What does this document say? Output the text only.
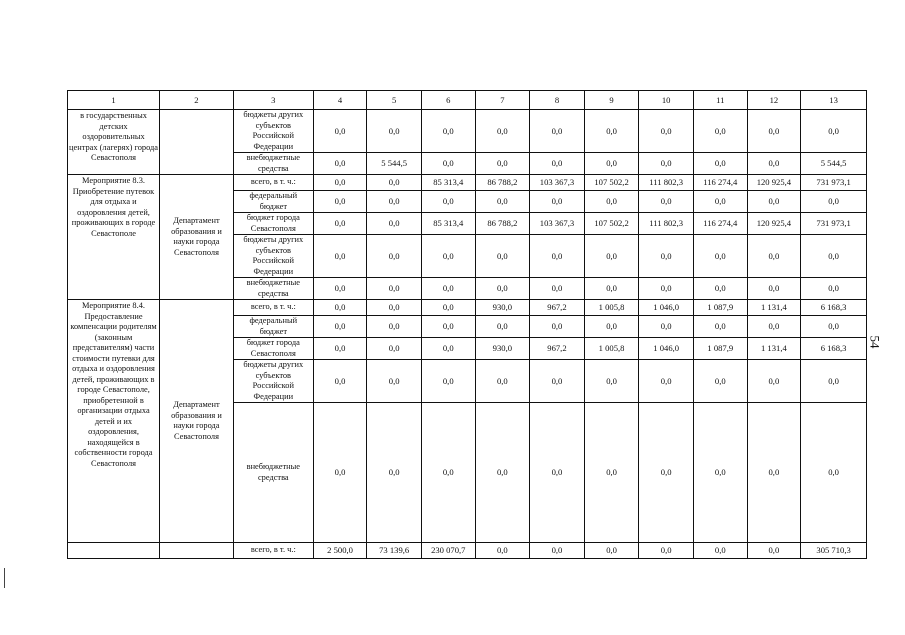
1	2	3	4	5	6	7	8	9	10	11	12	13
в государственных детских оздоровительных центрах (лагерях) города Севастополя		бюджеты других субъектов Российской Федерации	0,0	0,0	0,0	0,0	0,0	0,0	0,0	0,0	0,0	0,0
		внебюджетные средства	0,0	5 544,5	0,0	0,0	0,0	0,0	0,0	0,0	0,0	5 544,5
Мероприятие 8.3. Приобретение путевок для отдыха и оздоровления детей, проживающих в городе Севастополе	Департамент образования и науки города Севастополя	всего, в т. ч.:	0,0	0,0	85 313,4	86 788,2	103 367,3	107 502,2	111 802,3	116 274,4	120 925,4	731 973,1
		федеральный бюджет	0,0	0,0	0,0	0,0	0,0	0,0	0,0	0,0	0,0	0,0
		бюджет города Севастополя	0,0	0,0	85 313,4	86 788,2	103 367,3	107 502,2	111 802,3	116 274,4	120 925,4	731 973,1
		бюджеты других субъектов Российской Федерации	0,0	0,0	0,0	0,0	0,0	0,0	0,0	0,0	0,0	0,0
		внебюджетные средства	0,0	0,0	0,0	0,0	0,0	0,0	0,0	0,0	0,0	0,0
Мероприятие 8.4. Предоставление компенсации родителям (законным представителям) части стоимости путевки для отдыха и оздоровления детей, проживающих в городе Севастополе, приобретенной в организации отдыха детей и их оздоровления, находящейся в собственности города Севастополя	Департамент образования и науки города Севастополя	всего, в т. ч.:	0,0	0,0	0,0	930,0	967,2	1 005,8	1 046,0	1 087,9	1 131,4	6 168,3
		федеральный бюджет	0,0	0,0	0,0	0,0	0,0	0,0	0,0	0,0	0,0	0,0
		бюджет города Севастополя	0,0	0,0	0,0	930,0	967,2	1 005,8	1 046,0	1 087,9	1 131,4	6 168,3
		бюджеты других субъектов Российской Федерации	0,0	0,0	0,0	0,0	0,0	0,0	0,0	0,0	0,0	0,0
		внебюджетные средства	0,0	0,0	0,0	0,0	0,0	0,0	0,0	0,0	0,0	0,0
		всего, в т. ч.:	2 500,0	73 139,6	230 070,7	0,0	0,0	0,0	0,0	0,0	0,0	305 710,3
54
